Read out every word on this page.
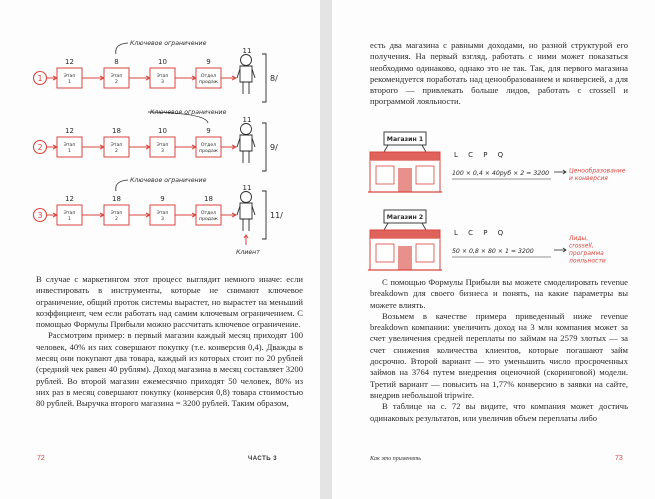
1	Этап
1
12
Этап
2
8
Этап
3
10
Отдел
продаж
9
11
8/
Ключевое ограничение
2	Этап
1
12
Этап
2
18
Этап
3
10
Отдел
продаж
9
11
9/
Ключевое ограничение
3	Этап
1
12
Этап
2
18
Этап
3
9
Отдел
продаж
18
11
11/
Ключевое ограничение
Клиент

В случае с маркетингом этот процесс выглядит немного иначе: если инвестировать в инструменты, которые не снимают ключевое ограничение, общий проток системы вырастет, но вырастет на меньший коэффициент, чем если работать над самим ключевым ограничением. С помощью Формулы Прибыли можно рассчитать ключевое ограничение.

Рассмотрим пример: в первый магазин каждый месяц приходят 100 человек, 40% из них совершают покупку (т.е. конверсия 0,4). Дважды в месяц они покупают два товара, каждый из которых стоит по 20 рублей (средний чек равен 40 рублям). Доход магазина в месяц составляет 3200 рублей. Во второй магазин ежемесячно приходят 50 человек, 80% из них раз в месяц совершают покупку (конверсия 0,8) товара стоимостью 80 рублей. Выручка второго магазина = 3200 рублей. Таким образом,

72	ЧАСТЬ 3

есть два магазина с равными доходами, но разной структурой его получения. На первый взгляд, работать с ними может показаться необходимо одинаково, однако это не так. Так, для первого магазина рекомендуется поработать над ценообразованием и конверсией, а для второго — привлекать больше лидов, работать с crossell и программой лояльности.

Магазин 1
L C P Q
100 × 0,4 × 40руб × 2 = 3200	Ценообразование и конверсия
Магазин 2
L C P Q
50 × 0,8 × 80 × 1 = 3200
Лиды, crossell, программа лояльности

С помощью Формулы Прибыли вы можете смоделировать revenue breakdown для своего бизнеса и понять, на какие параметры вы можете влиять.

Возьмем в качестве примера приведенный ниже revenue breakdown компании: увеличить доход на 3 млн компания может за счет увеличения средней переплаты по займам на 2579 злотых — за счет снижения количества клиентов, которые погашают займ досрочно. Второй вариант — это уменьшить число просроченных займов на 3764 путем внедрения оценочной (скоринговой) модели. Третий вариант — повысить на 1,77% конверсию в заявки на сайте, внедрив небольшой tripwire.

В таблице на с. 72 вы видите, что компания может достичь одинаковых результатов, или увеличив объем переплаты либо

Как это применять	73
